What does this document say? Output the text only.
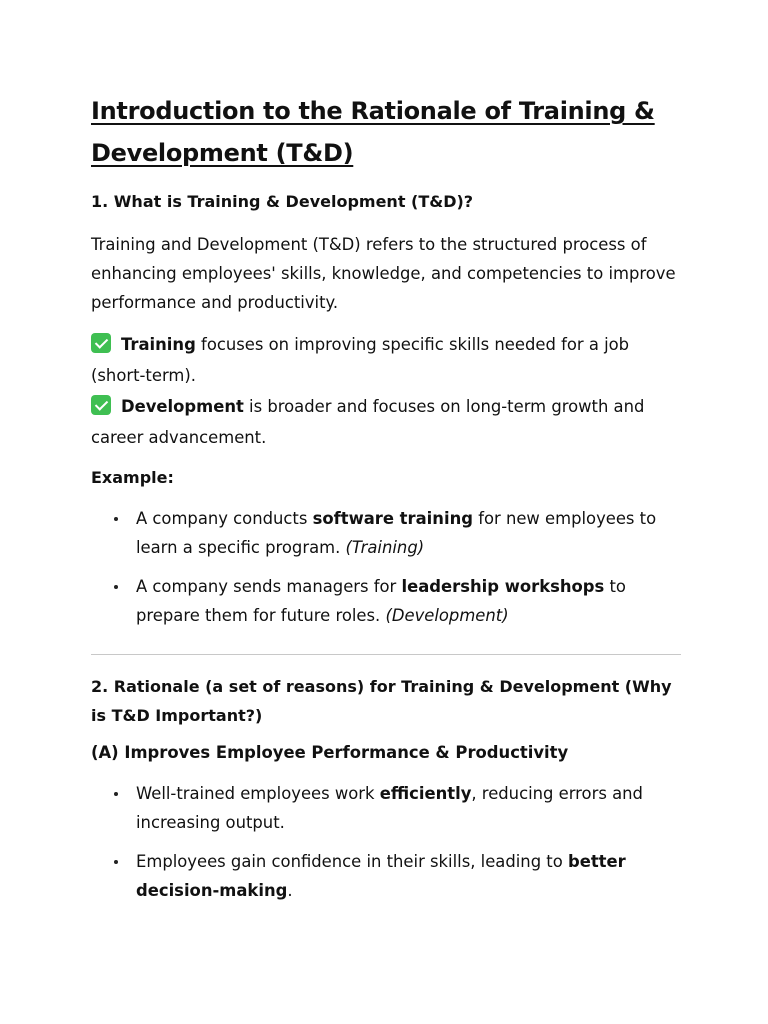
Introduction to the Rationale of Training & Development (T&D)
1. What is Training & Development (T&D)?

Training and Development (T&D) refers to the structured process of enhancing employees' skills, knowledge, and competencies to improve performance and productivity.

Training focuses on improving specific skills needed for a job (short-term).

Development is broader and focuses on long-term growth and career advancement.

Example:

A company conducts software training for new employees to learn a specific program. (Training)
A company sends managers for leadership workshops to prepare them for future roles. (Development)
2. Rationale (a set of reasons) for Training & Development (Why is T&D Important?)
(A) Improves Employee Performance & Productivity
Well-trained employees work efficiently, reducing errors and increasing output.
Employees gain confidence in their skills, leading to better decision-making.
